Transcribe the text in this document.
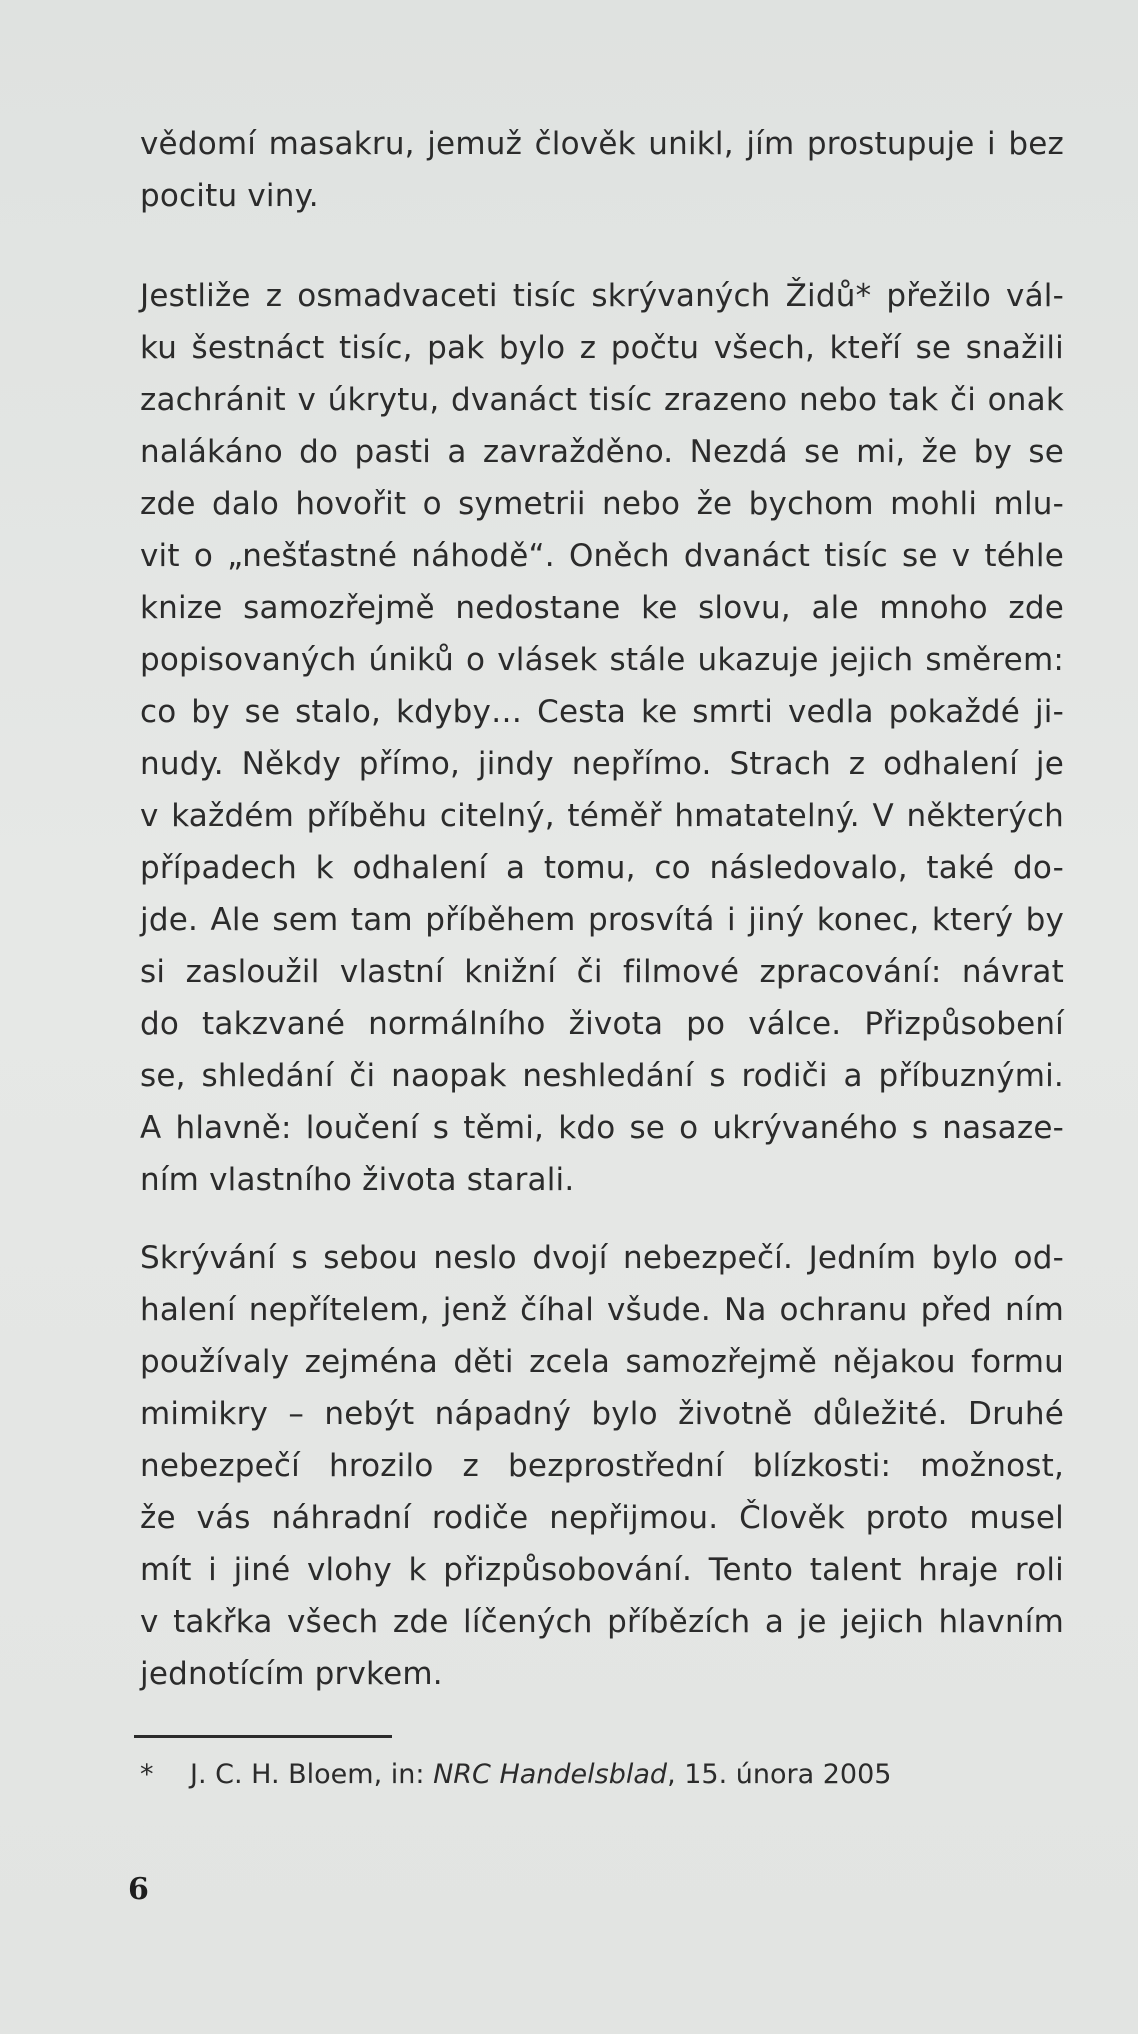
vědomí masakru, jemuž člověk unikl, jím prostupuje i bez
pocitu viny.
Jestliže z osmadvaceti tisíc skrývaných Židů* přežilo vál-
ku šestnáct tisíc, pak bylo z počtu všech, kteří se snažili
zachránit v úkrytu, dvanáct tisíc zrazeno nebo tak či onak
nalákáno do pasti a zavražděno. Nezdá se mi, že by se
zde dalo hovořit o symetrii nebo že bychom mohli mlu-
vit o „nešťastné náhodě“. Oněch dvanáct tisíc se v téhle
knize samozřejmě nedostane ke slovu, ale mnoho zde
popisovaných úniků o vlásek stále ukazuje jejich směrem:
co by se stalo, kdyby… Cesta ke smrti vedla pokaždé ji-
nudy. Někdy přímo, jindy nepřímo. Strach z odhalení je
v každém příběhu citelný, téměř hmatatelný. V některých
případech k odhalení a tomu, co následovalo, také do-
jde. Ale sem tam příběhem prosvítá i jiný konec, který by
si zasloužil vlastní knižní či filmové zpracování: návrat
do takzvané normálního života po válce. Přizpůsobení
se, shledání či naopak neshledání s rodiči a příbuznými.
A hlavně: loučení s těmi, kdo se o ukrývaného s nasaze-
ním vlastního života starali.
Skrývání s sebou neslo dvojí nebezpečí. Jedním bylo od-
halení nepřítelem, jenž číhal všude. Na ochranu před ním
používaly zejména děti zcela samozřejmě nějakou formu
mimikry – nebýt nápadný bylo životně důležité. Druhé
nebezpečí hrozilo z bezprostřední blízkosti: možnost,
že vás náhradní rodiče nepřijmou. Člověk proto musel
mít i jiné vlohy k přizpůsobování. Tento talent hraje roli
v takřka všech zde líčených příbězích a je jejich hlavním
jednotícím prvkem.
* J. C. H. Bloem, in: NRC Handelsblad, 15. února 2005
6
